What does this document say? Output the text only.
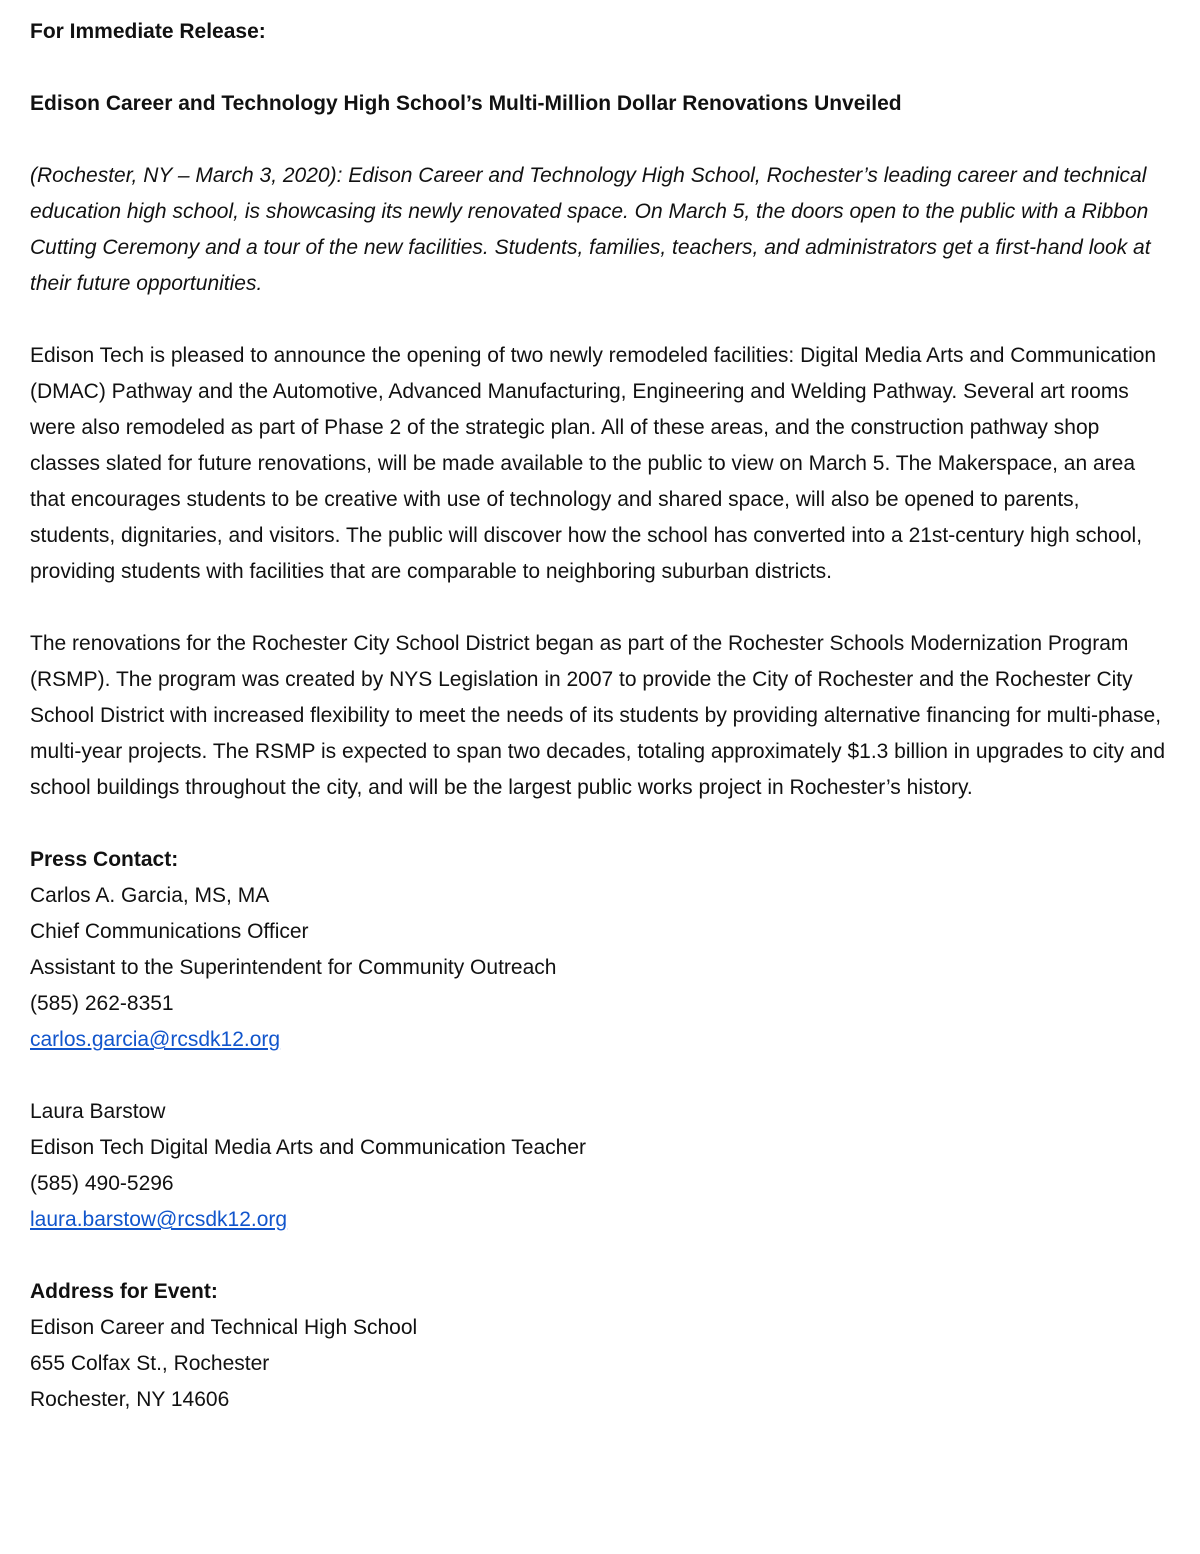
For Immediate Release:

Edison Career and Technology High School’s Multi-Million Dollar Renovations Unveiled

(Rochester, NY – March 3, 2020): Edison Career and Technology High School, Rochester’s leading career and technical education high school, is showcasing its newly renovated space. On March 5, the doors open to the public with a Ribbon Cutting Ceremony and a tour of the new facilities. Students, families, teachers, and administrators get a first-hand look at their future opportunities.

Edison Tech is pleased to announce the opening of two newly remodeled facilities: Digital Media Arts and Communication (DMAC) Pathway and the Automotive, Advanced Manufacturing, Engineering and Welding Pathway. Several art rooms were also remodeled as part of Phase 2 of the strategic plan. All of these areas, and the construction pathway shop classes slated for future renovations, will be made available to the public to view on March 5. The Makerspace, an area that encourages students to be creative with use of technology and shared space, will also be opened to parents, students, dignitaries, and visitors. The public will discover how the school has converted into a 21st-century high school, providing students with facilities that are comparable to neighboring suburban districts.

The renovations for the Rochester City School District began as part of the Rochester Schools Modernization Program (RSMP). The program was created by NYS Legislation in 2007 to provide the City of Rochester and the Rochester City School District with increased flexibility to meet the needs of its students by providing alternative financing for multi-phase, multi-year projects. The RSMP is expected to span two decades, totaling approximately $1.3 billion in upgrades to city and school buildings throughout the city, and will be the largest public works project in Rochester’s history.

Press Contact:
Carlos A. Garcia, MS, MA
Chief Communications Officer
Assistant to the Superintendent for Community Outreach
(585) 262-8351
carlos.garcia@rcsdk12.org
Laura Barstow
Edison Tech Digital Media Arts and Communication Teacher
(585) 490-5296
laura.barstow@rcsdk12.org
Address for Event:
Edison Career and Technical High School
655 Colfax St., Rochester
Rochester, NY 14606
